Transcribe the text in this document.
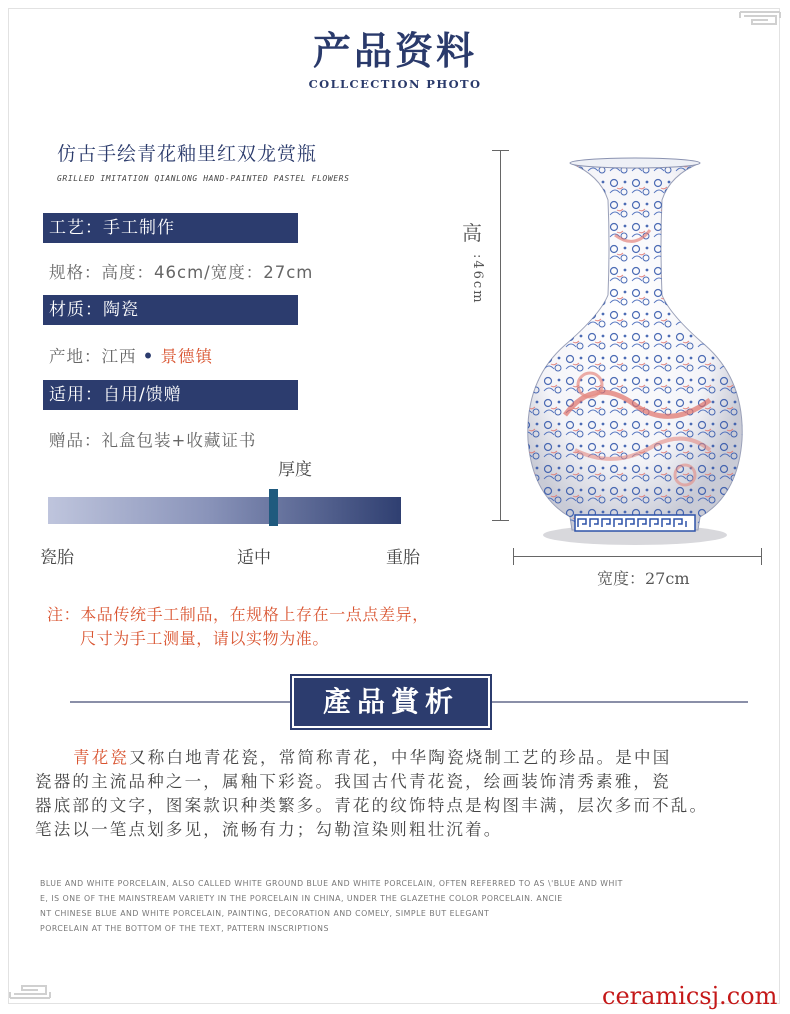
产品资料
COLLCECTION PHOTO
仿古手绘青花釉里红双龙赏瓶
GRILLED IMITATION QIANLONG HAND-PAINTED PASTEL FLOWERS
工艺：手工制作
规格：高度：46cm/宽度：27cm
材质：陶瓷
产地：江西 • 景德镇
适用：自用/馈赠
赠品：礼盒包装+收藏证书
厚度
瓷胎	适中	重胎
高
:46cm
宽度：27cm
注：本品传统手工制品，在规格上存在一点点差异，
尺寸为手工测量，请以实物为准。
產品賞析
青花瓷又称白地青花瓷，常简称青花，中华陶瓷烧制工艺的珍品。是中国
瓷器的主流品种之一，属釉下彩瓷。我国古代青花瓷，绘画装饰清秀素雅，瓷
器底部的文字，图案款识种类繁多。青花的纹饰特点是构图丰满，层次多而不乱。
笔法以一笔点划多见，流畅有力；勾勒渲染则粗壮沉着。
BLUE AND WHITE PORCELAIN, ALSO CALLED WHITE GROUND BLUE AND WHITE PORCELAIN, OFTEN REFERRED TO AS \'BLUE AND WHIT
E, IS ONE OF THE MAINSTREAM VARIETY IN THE PORCELAIN IN CHINA, UNDER THE GLAZETHE COLOR PORCELAIN. ANCIE
NT CHINESE BLUE AND WHITE PORCELAIN, PAINTING, DECORATION AND COMELY, SIMPLE BUT ELEGANT
PORCELAIN AT THE BOTTOM OF THE TEXT, PATTERN INSCRIPTIONS
ceramicsj.com
